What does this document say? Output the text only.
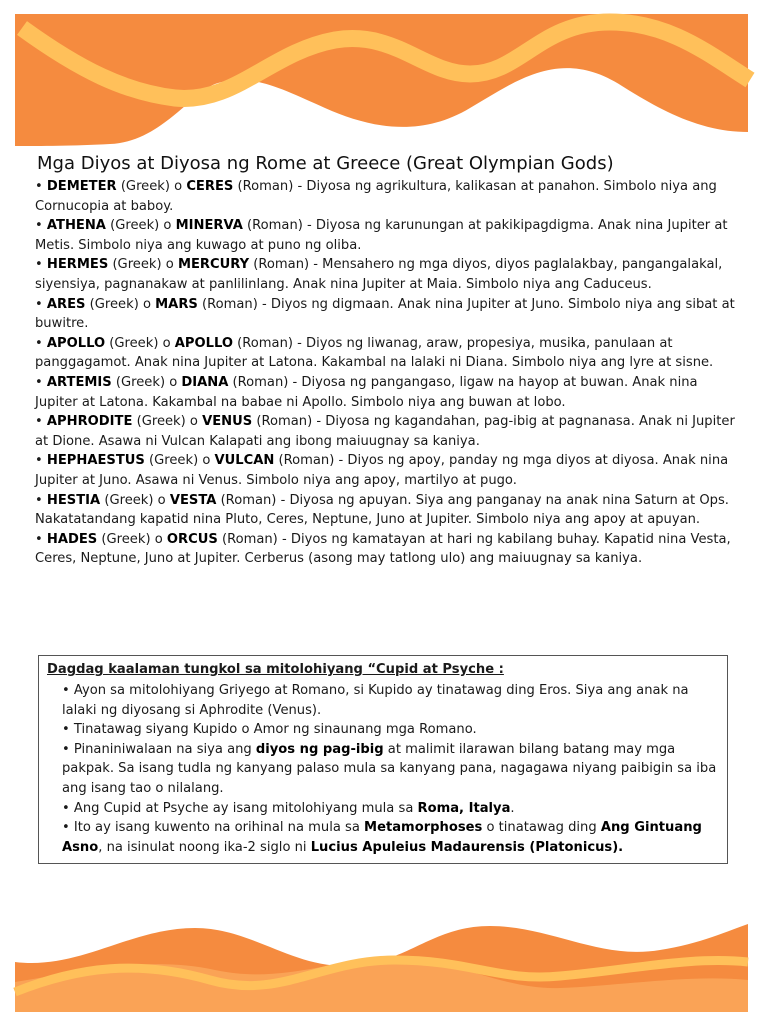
Mga Diyos at Diyosa ng Rome at Greece (Great Olympian Gods)
• DEMETER (Greek) o CERES (Roman) - Diyosa ng agrikultura, kalikasan at panahon. Simbolo niya ang Cornucopia at baboy.
• ATHENA (Greek) o MINERVA (Roman) - Diyosa ng karunungan at pakikipagdigma. Anak nina Jupiter at Metis. Simbolo niya ang kuwago at puno ng oliba.
• HERMES (Greek) o MERCURY (Roman) - Mensahero ng mga diyos, diyos paglalakbay, pangangalakal, siyensiya, pagnanakaw at panlilinlang. Anak nina Jupiter at Maia. Simbolo niya ang Caduceus.
• ARES (Greek) o MARS (Roman) - Diyos ng digmaan. Anak nina Jupiter at Juno. Simbolo niya ang sibat at buwitre.
• APOLLO (Greek) o APOLLO (Roman) - Diyos ng liwanag, araw, propesiya, musika, panulaan at panggagamot. Anak nina Jupiter at Latona. Kakambal na lalaki ni Diana. Simbolo niya ang lyre at sisne.
• ARTEMIS (Greek) o DIANA (Roman) - Diyosa ng pangangaso, ligaw na hayop at buwan. Anak nina Jupiter at Latona. Kakambal na babae ni Apollo. Simbolo niya ang buwan at lobo.
• APHRODITE (Greek) o VENUS (Roman) - Diyosa ng kagandahan, pag-ibig at pagnanasa. Anak ni Jupiter at Dione. Asawa ni Vulcan Kalapati ang ibong maiuugnay sa kaniya.
• HEPHAESTUS (Greek) o VULCAN (Roman) - Diyos ng apoy, panday ng mga diyos at diyosa. Anak nina Jupiter at Juno. Asawa ni Venus. Simbolo niya ang apoy, martilyo at pugo.
• HESTIA (Greek) o VESTA (Roman) - Diyosa ng apuyan. Siya ang panganay na anak nina Saturn at Ops. Nakatatandang kapatid nina Pluto, Ceres, Neptune, Juno at Jupiter. Simbolo niya ang apoy at apuyan.
• HADES (Greek) o ORCUS (Roman) - Diyos ng kamatayan at hari ng kabilang buhay. Kapatid nina Vesta, Ceres, Neptune, Juno at Jupiter. Cerberus (asong may tatlong ulo) ang maiuugnay sa kaniya.
Dagdag kaalaman tungkol sa mitolohiyang “Cupid at Psyche :
• Ayon sa mitolohiyang Griyego at Romano, si Kupido ay tinatawag ding Eros. Siya ang anak na lalaki ng diyosang si Aphrodite (Venus).
• Tinatawag siyang Kupido o Amor ng sinaunang mga Romano.
• Pinaniniwalaan na siya ang diyos ng pag-ibig at malimit ilarawan bilang batang may mga pakpak. Sa isang tudla ng kanyang palaso mula sa kanyang pana, nagagawa niyang paibigin sa iba ang isang tao o nilalang.
• Ang Cupid at Psyche ay isang mitolohiyang mula sa Roma, Italya.
• Ito ay isang kuwento na orihinal na mula sa Metamorphoses o tinatawag ding Ang Gintuang Asno, na isinulat noong ika-2 siglo ni Lucius Apuleius Madaurensis (Platonicus).
